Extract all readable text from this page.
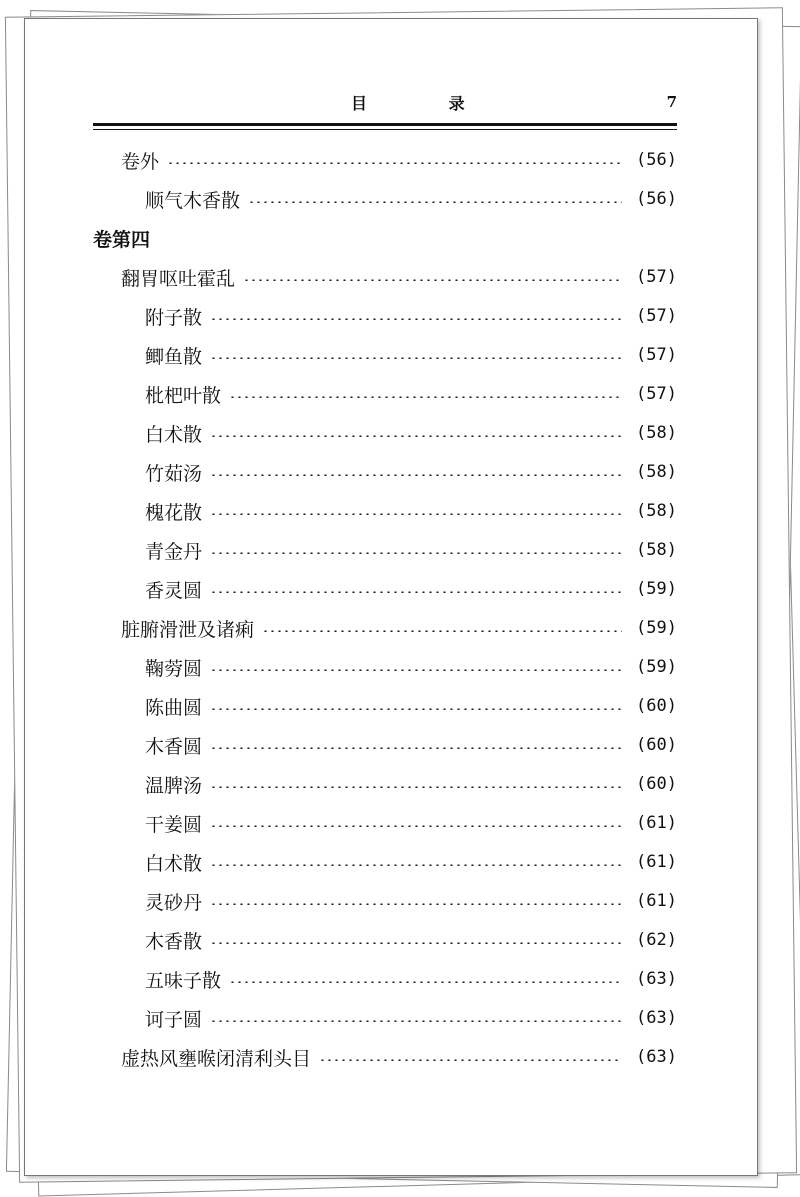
目 录	7
卷外	(56)
顺气木香散	(56)
卷第四
翻胃呕吐霍乱	(57)
附子散	(57)
鲫鱼散	(57)
枇杷叶散	(57)
白术散	(58)
竹茹汤	(58)
槐花散	(58)
青金丹	(58)
香灵圆	(59)
脏腑滑泄及诸痢	(59)
鞠䓖圆	(59)
陈曲圆	(60)
木香圆	(60)
温脾汤	(60)
干姜圆	(61)
白术散	(61)
灵砂丹	(61)
木香散	(62)
五味子散	(63)
诃子圆	(63)
虚热风壅喉闭清利头目	(63)
